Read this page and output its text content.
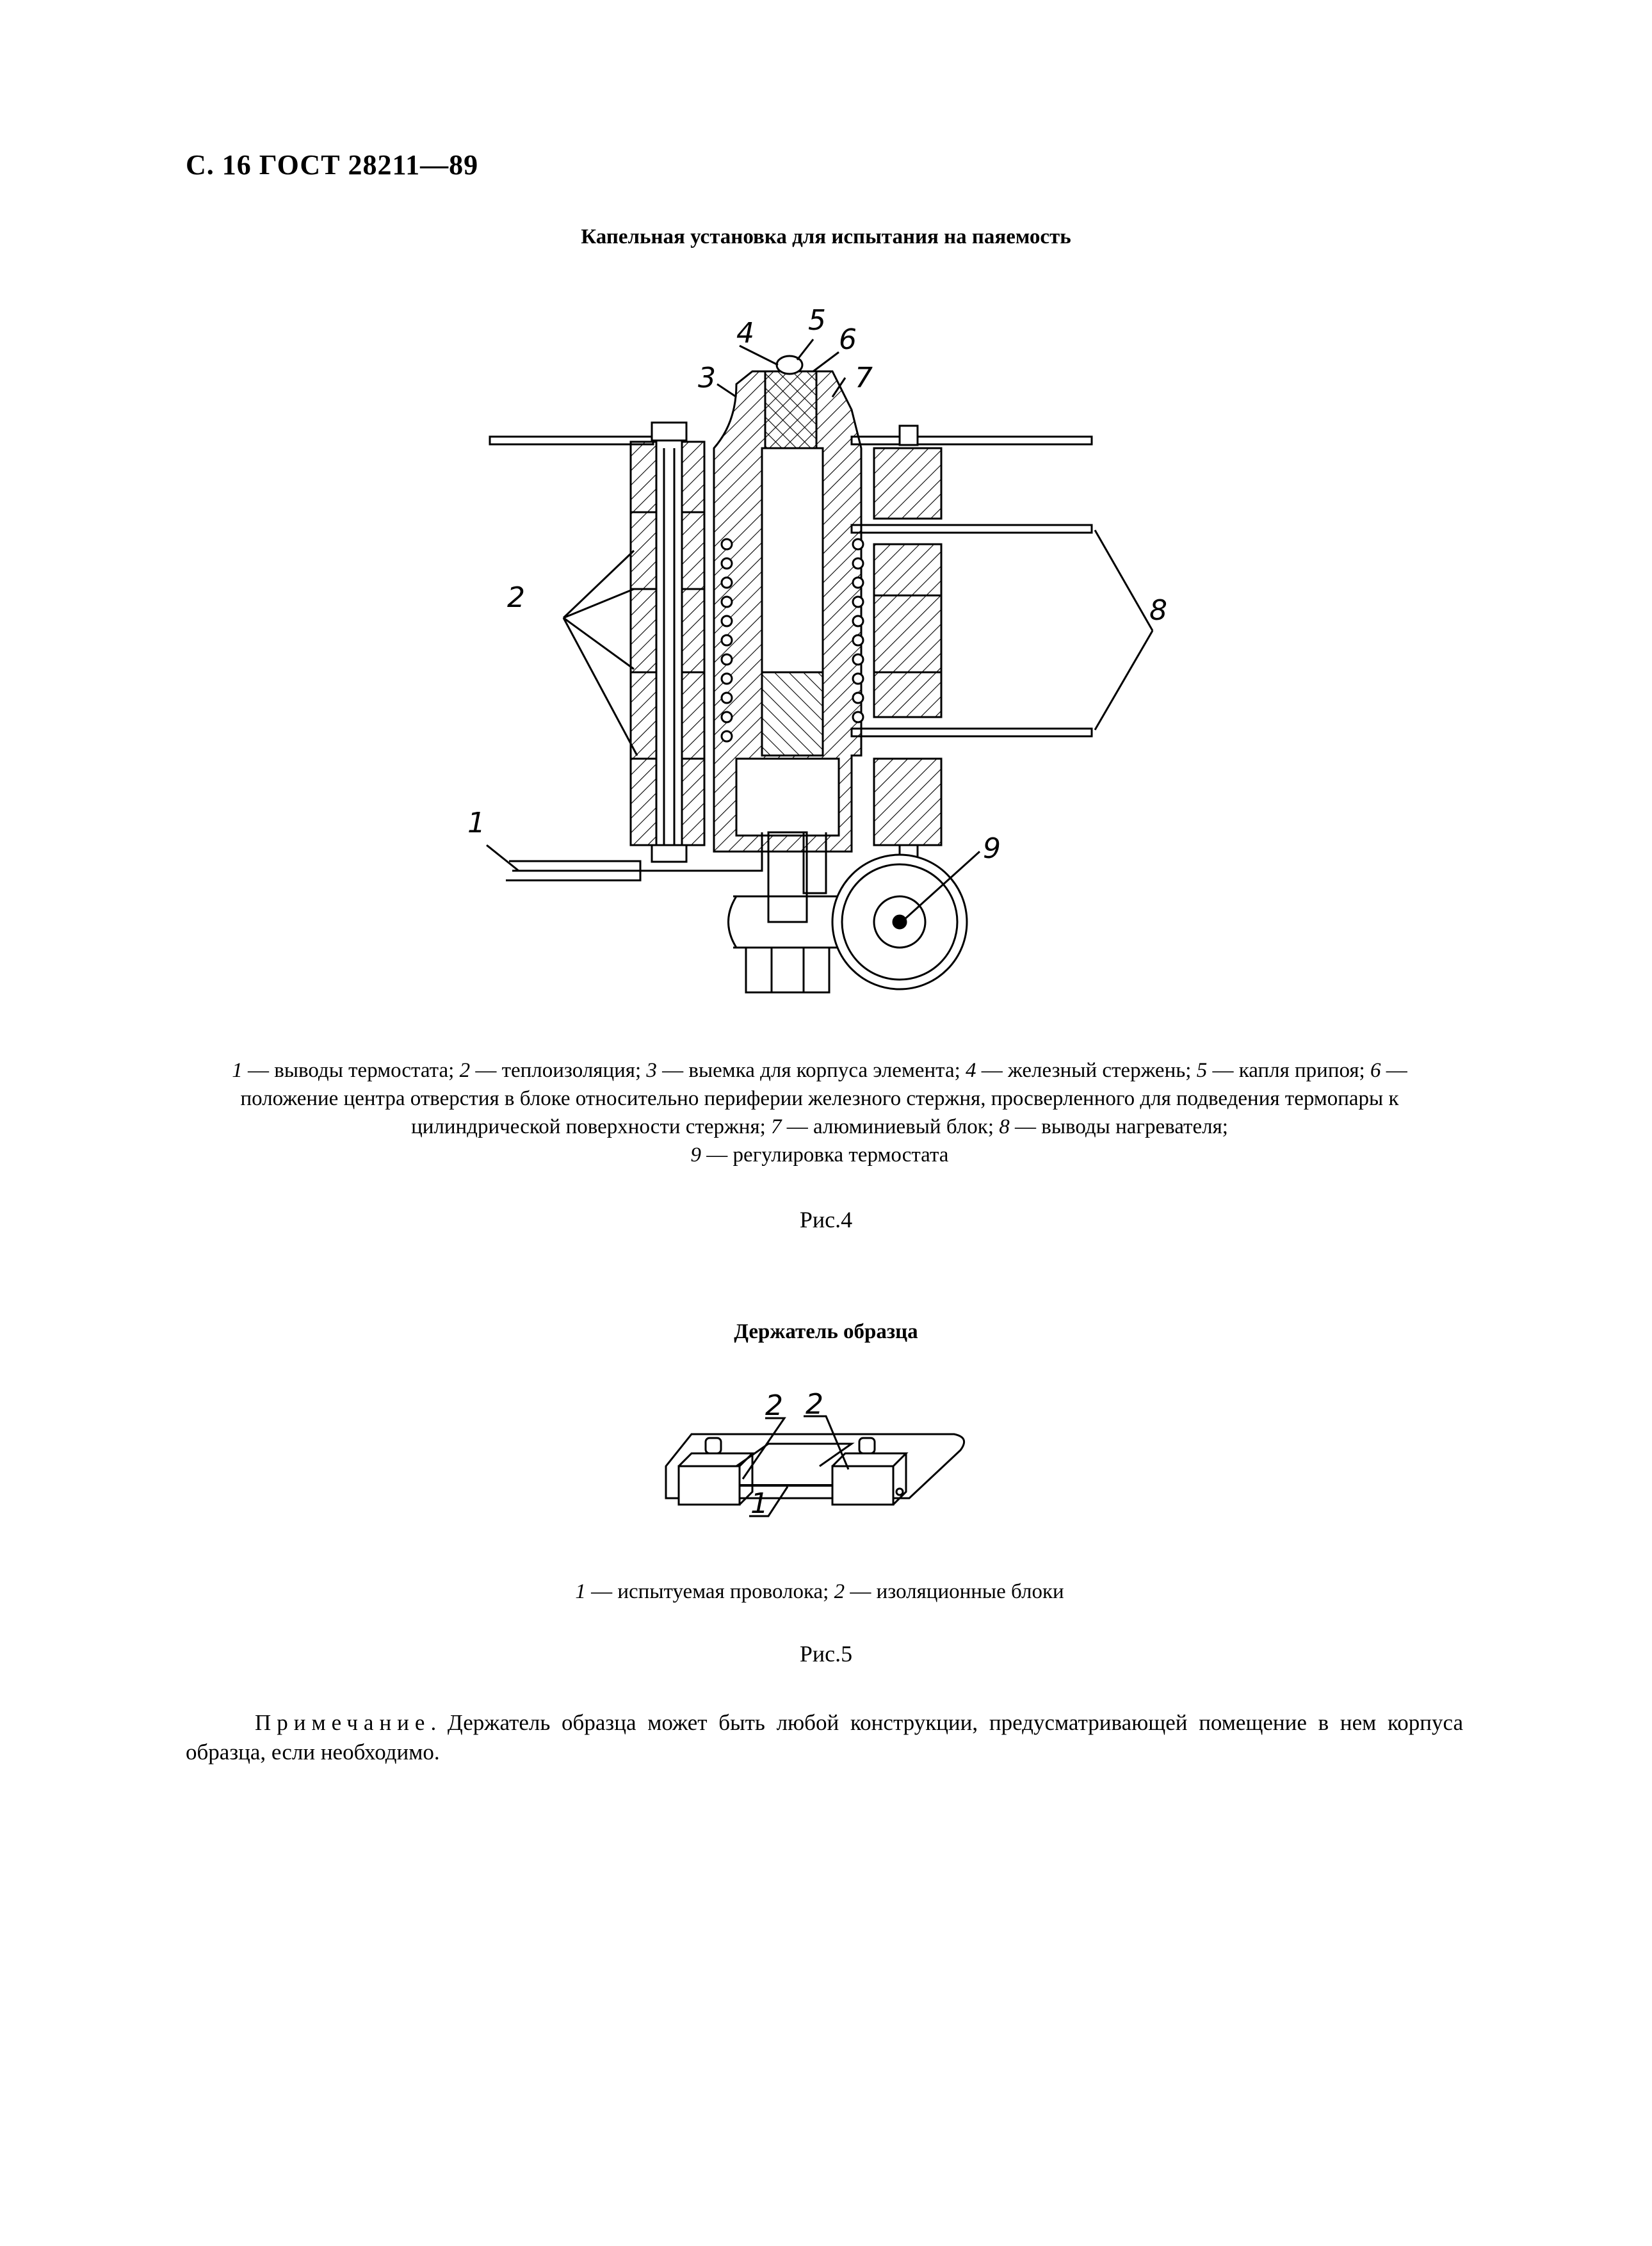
С. 16 ГОСТ 28211—89
Капельная установка для испытания на паяемость
2
3
4 5
6
7
8
1
9
1 — выводы термостата; 2 — теплоизоляция; 3 — выемка для корпуса элемента; 4 — железный стержень; 5 — капля припоя; 6 — положение центра отверстия в блоке относительно периферии железного стержня, просверленного для подведения термопары к цилиндрической поверхности стержня; 7 — алюминиевый блок; 8 — выводы нагревателя;
9 — регулировка термостата
Рис.4
Держатель образца
2 2
1
1 — испытуемая проволока; 2 — изоляционные блоки
Рис.5
Примечание. Держатель образца может быть любой конструкции, предусматривающей помещение в нем корпуса образца, если необходимо.
